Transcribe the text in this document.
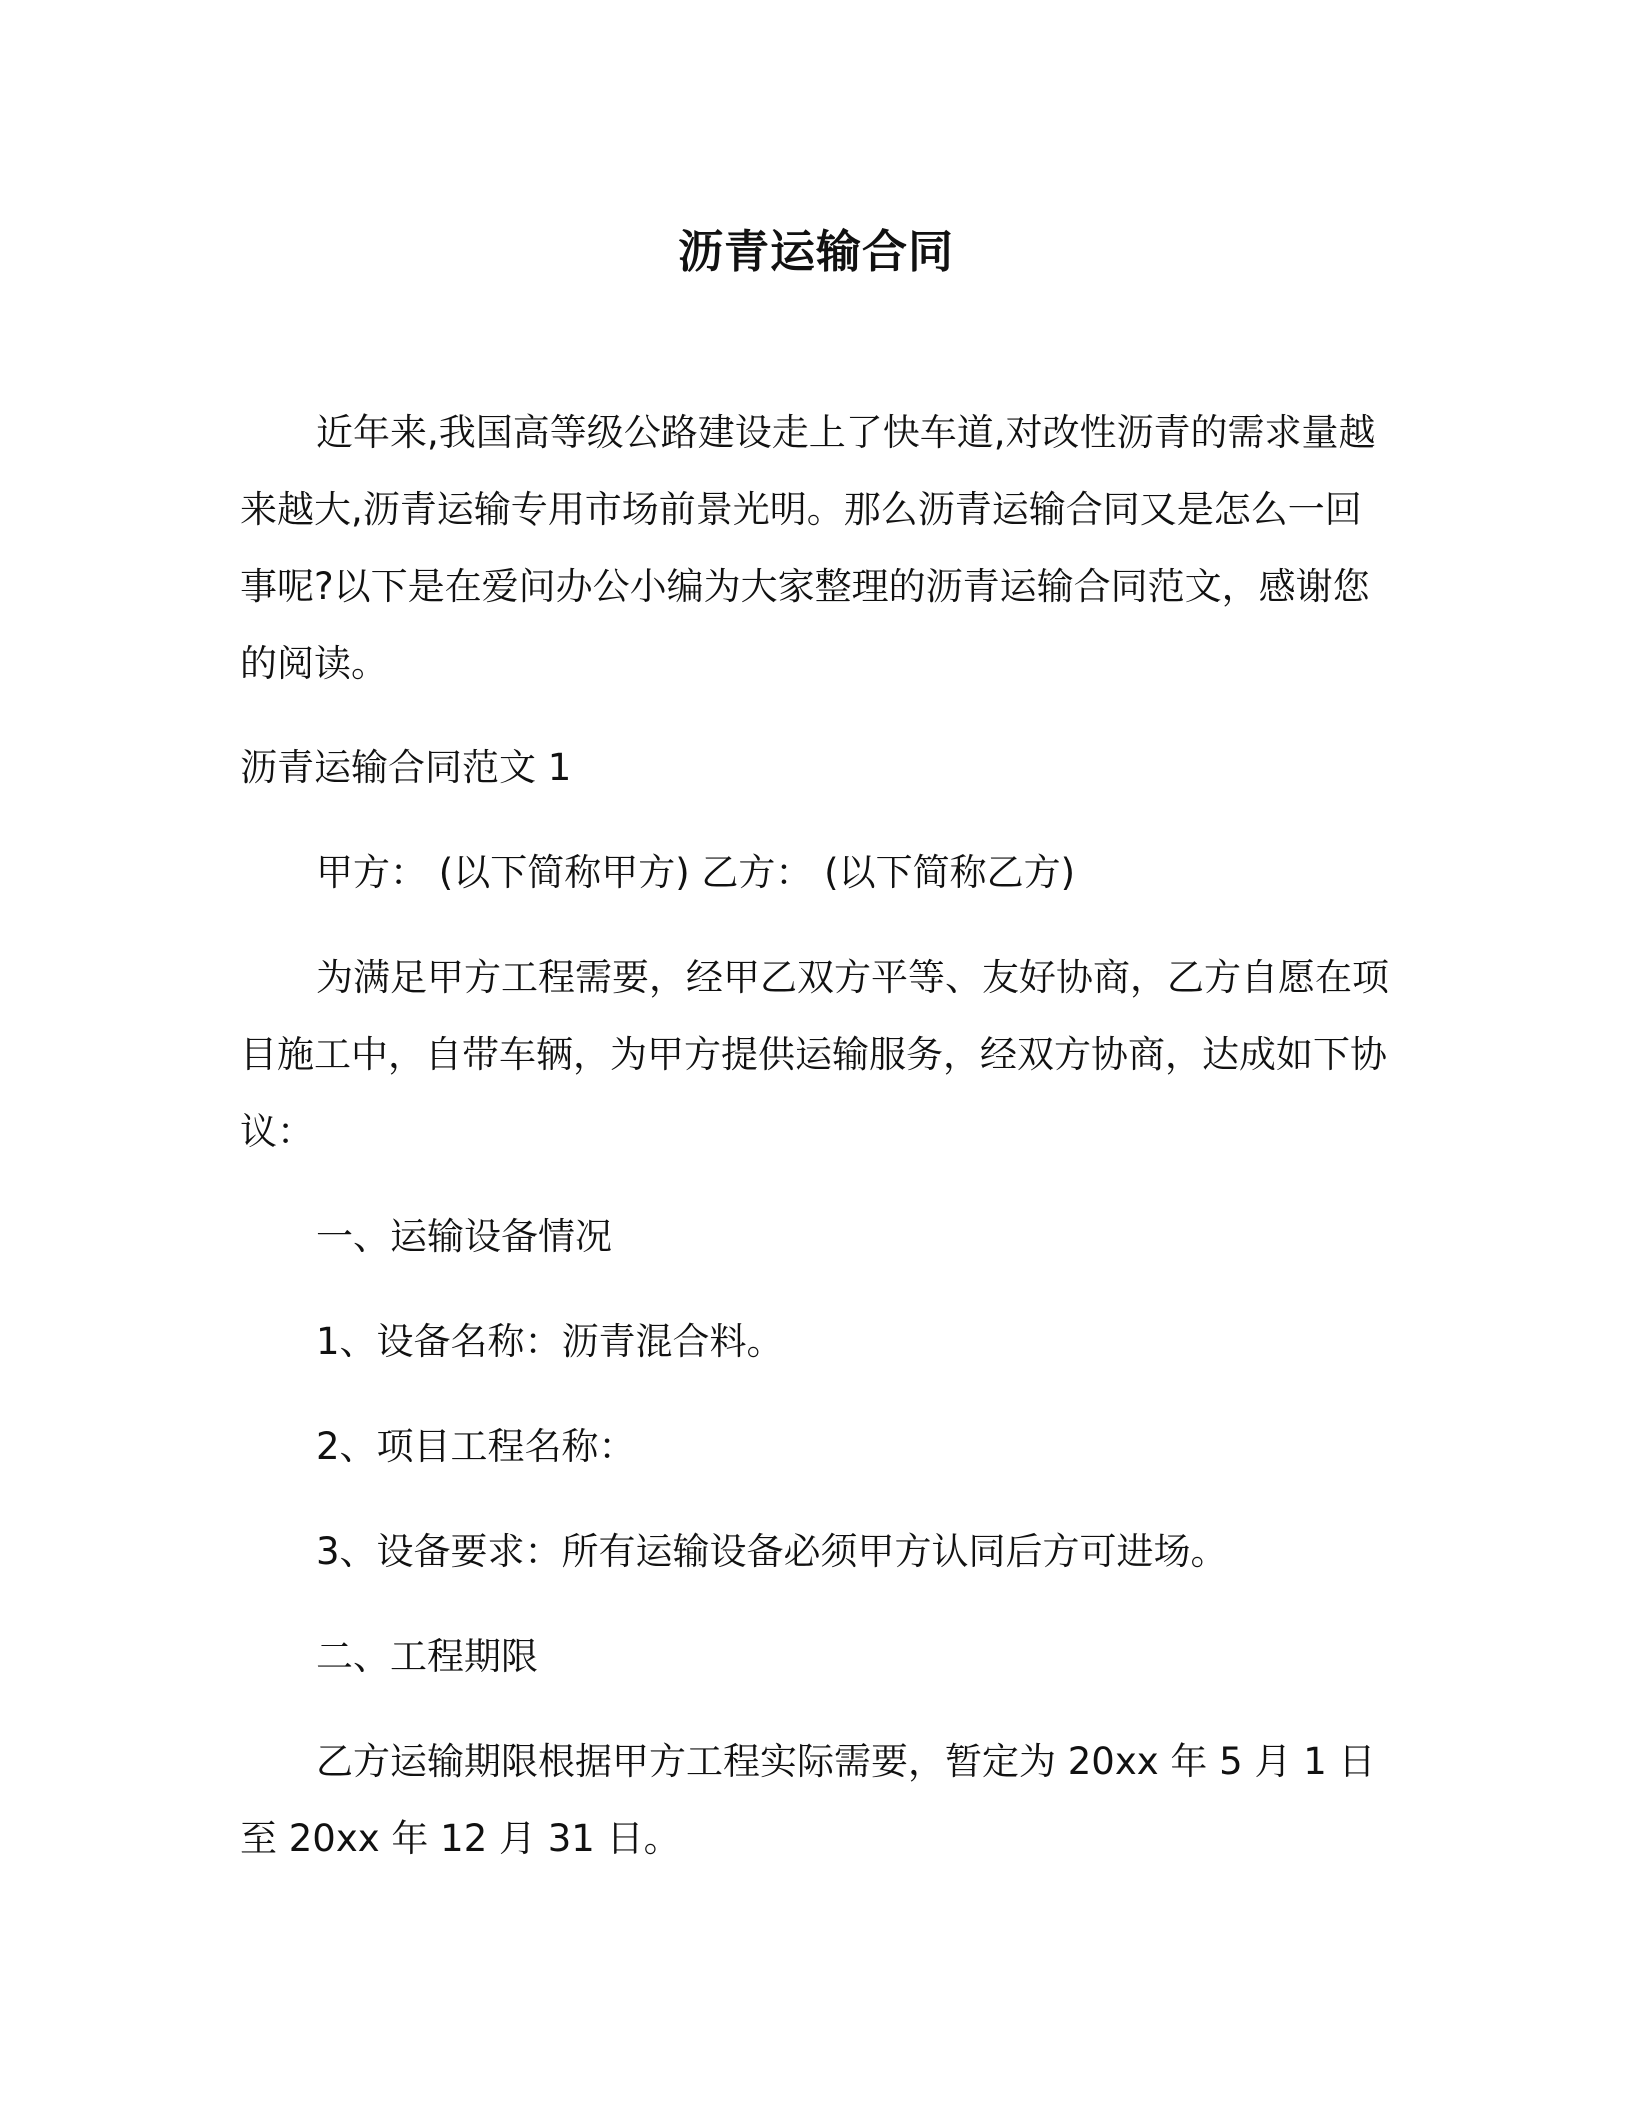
沥青运输合同

近年来,我国高等级公路建设走上了快车道,对改性沥青的需求量越来越大,沥青运输专用市场前景光明。那么沥青运输合同又是怎么一回事呢?以下是在爱问办公小编为大家整理的沥青运输合同范文，感谢您的阅读。

沥青运输合同范文 1

甲方： (以下简称甲方) 乙方： (以下简称乙方)

为满足甲方工程需要，经甲乙双方平等、友好协商，乙方自愿在项目施工中，自带车辆，为甲方提供运输服务，经双方协商，达成如下协议：

一、运输设备情况

1、设备名称：沥青混合料。

2、项目工程名称：

3、设备要求：所有运输设备必须甲方认同后方可进场。

二、工程期限

乙方运输期限根据甲方工程实际需要，暂定为 20xx 年 5 月 1 日至 20xx 年 12 月 31 日。
